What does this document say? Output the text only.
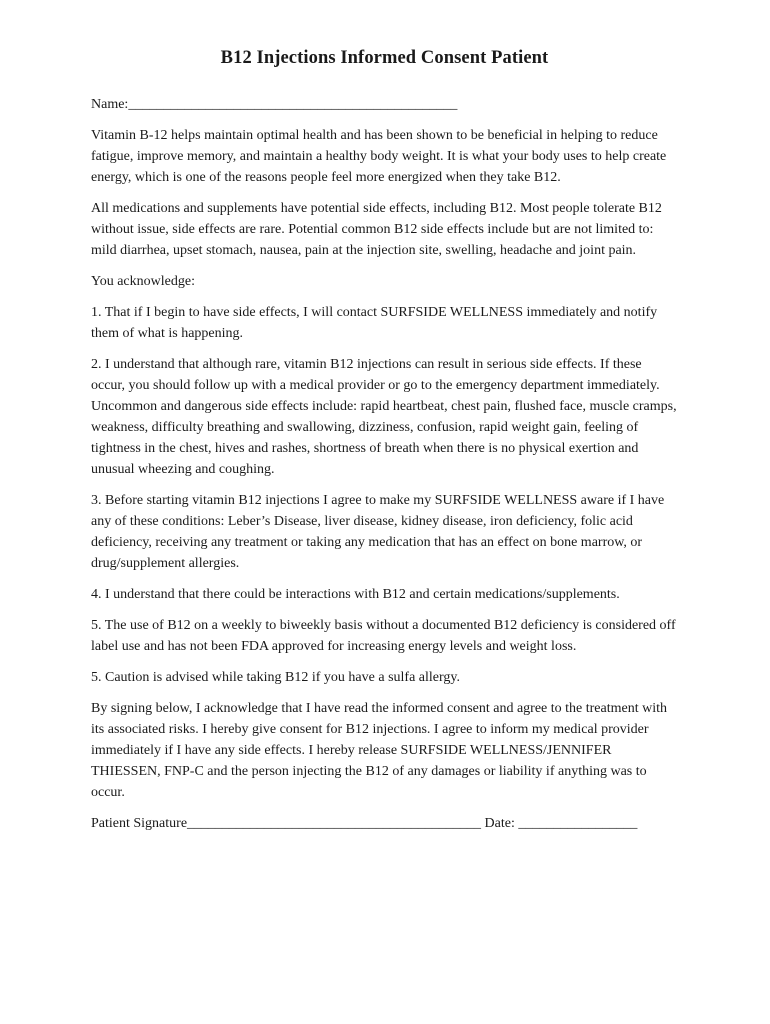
B12 Injections Informed Consent Patient
Name:_______________________________________________

Vitamin B-12 helps maintain optimal health and has been shown to be beneficial in helping to reduce fatigue, improve memory, and maintain a healthy body weight. It is what your body uses to help create energy, which is one of the reasons people feel more energized when they take B12.

All medications and supplements have potential side effects, including B12. Most people tolerate B12 without issue, side effects are rare. Potential common B12 side effects include but are not limited to: mild diarrhea, upset stomach, nausea, pain at the injection site, swelling, headache and joint pain.

You acknowledge:

1. That if I begin to have side effects, I will contact SURFSIDE WELLNESS immediately and notify them of what is happening.

2. I understand that although rare, vitamin B12 injections can result in serious side effects. If these occur, you should follow up with a medical provider or go to the emergency department immediately. Uncommon and dangerous side effects include: rapid heartbeat, chest pain, flushed face, muscle cramps, weakness, difficulty breathing and swallowing, dizziness, confusion, rapid weight gain, feeling of tightness in the chest, hives and rashes, shortness of breath when there is no physical exertion and unusual wheezing and coughing.

3. Before starting vitamin B12 injections I agree to make my SURFSIDE WELLNESS aware if I have any of these conditions: Leber’s Disease, liver disease, kidney disease, iron deficiency, folic acid deficiency, receiving any treatment or taking any medication that has an effect on bone marrow, or drug/supplement allergies.

4. I understand that there could be interactions with B12 and certain medications/supplements.

5. The use of B12 on a weekly to biweekly basis without a documented B12 deficiency is considered off label use and has not been FDA approved for increasing energy levels and weight loss.

5. Caution is advised while taking B12 if you have a sulfa allergy.

By signing below, I acknowledge that I have read the informed consent and agree to the treatment with its associated risks. I hereby give consent for B12 injections. I agree to inform my medical provider immediately if I have any side effects. I hereby release SURFSIDE WELLNESS/JENNIFER THIESSEN, FNP-C and the person injecting the B12 of any damages or liability if anything was to occur.

Patient Signature__________________________________________ Date: _________________
